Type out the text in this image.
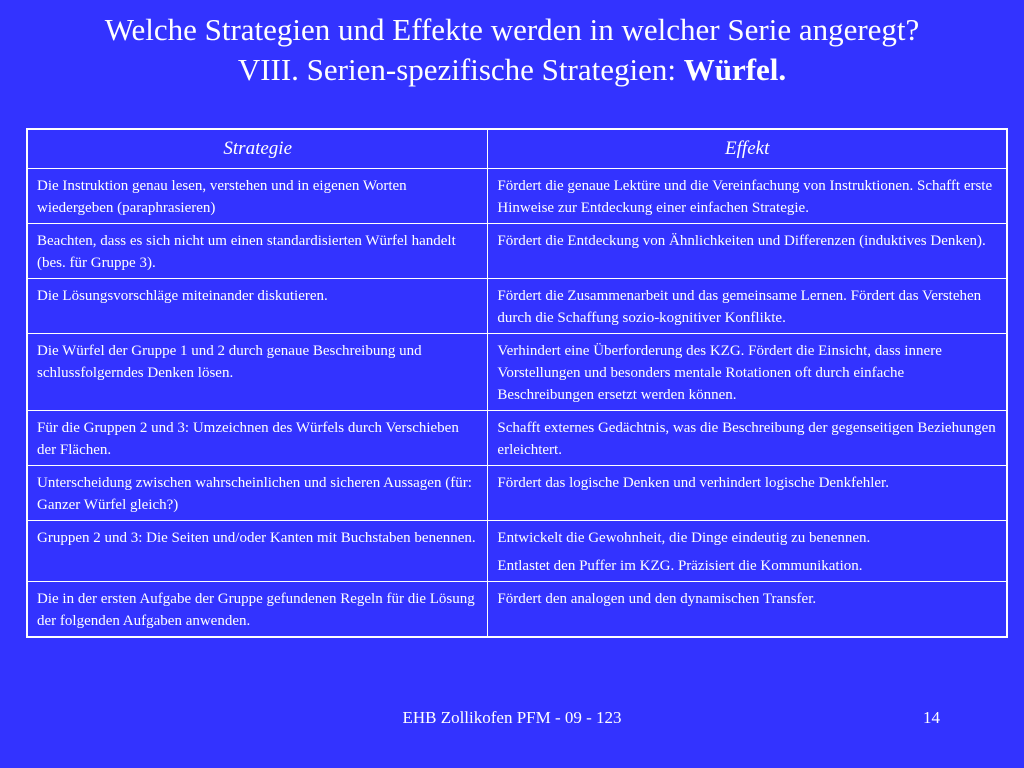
Welche Strategien und Effekte werden in welcher Serie angeregt?
VIII. Serien-spezifische Strategien: Würfel.
Strategie	Effekt
Die Instruktion genau lesen, verstehen und in eigenen Worten wiedergeben (paraphrasieren)	Fördert die genaue Lektüre und die Vereinfachung von Instruktionen. Schafft erste Hinweise zur Entdeckung einer einfachen Strategie.

Beachten, dass es sich nicht um einen standardisierten Würfel handelt (bes. für Gruppe 3).	Fördert die Entdeckung von Ähnlichkeiten und Differenzen (induktives Denken).

Die Lösungsvorschläge miteinander diskutieren.	Fördert die Zusammenarbeit und das gemeinsame Lernen. Fördert das Verstehen durch die Schaffung sozio-kognitiver Konflikte.

Die Würfel der Gruppe 1 und 2 durch genaue Beschreibung und schlussfolgerndes Denken lösen.	Verhindert eine Überforderung des KZG. Fördert die Einsicht, dass innere Vorstellungen und besonders mentale Rotationen oft durch einfache Beschreibungen ersetzt werden können.

Für die Gruppen 2 und 3: Umzeichnen des Würfels durch Verschieben der Flächen.	Schafft externes Gedächtnis, was die Beschreibung der gegenseitigen Beziehungen erleichtert.

Unterscheidung zwischen wahrscheinlichen und sicheren Aussagen (für: Ganzer Würfel gleich?)	Fördert das logische Denken und verhindert logische Denkfehler.

Gruppen 2 und 3: Die Seiten und/oder Kanten mit Buchstaben benennen.	Entwickelt die Gewohnheit, die Dinge eindeutig zu benennen.
Entlastet den Puffer im KZG. Präzisiert die Kommunikation.

Die in der ersten Aufgabe der Gruppe gefundenen Regeln für die Lösung der folgenden Aufgaben anwenden.	Fördert den analogen und den dynamischen Transfer.
EHB Zollikofen PFM - 09 - 123	14
